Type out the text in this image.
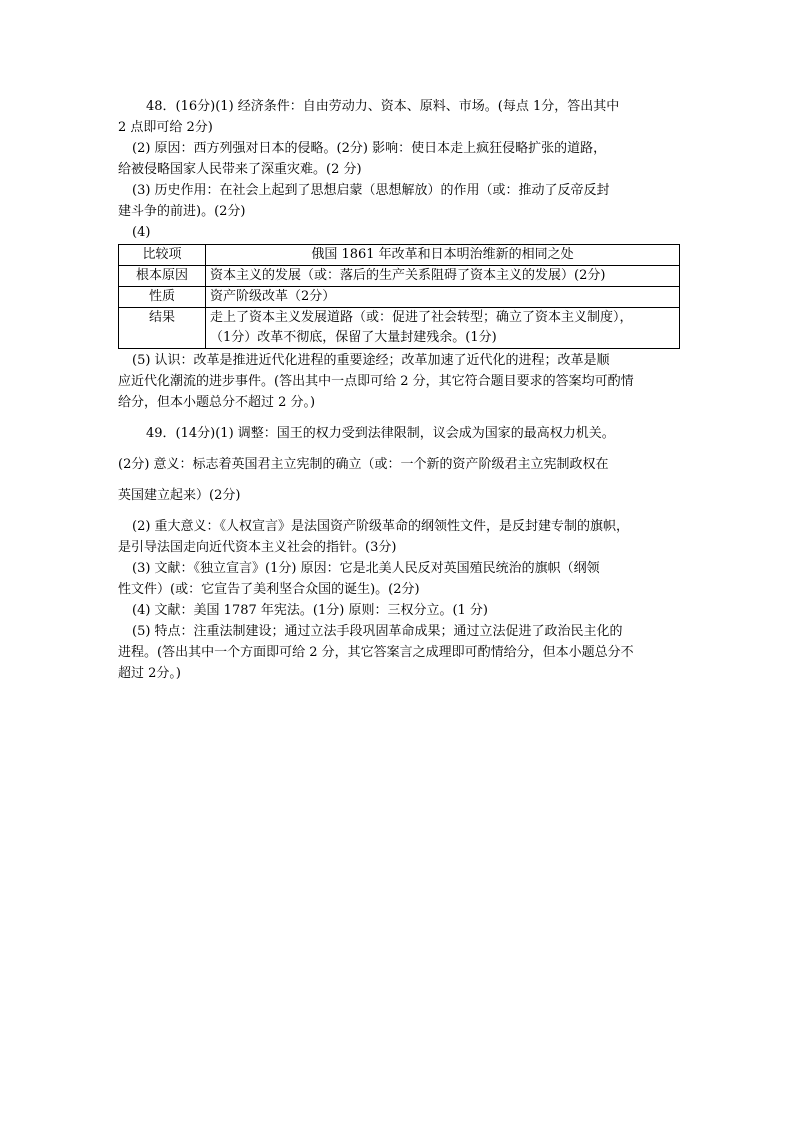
48．(16分)(1) 经济条件：自由劳动力、资本、原料、市场。(每点 1分，答出其中

2 点即可给 2分)

(2) 原因：西方列强对日本的侵略。(2分) 影响：使日本走上疯狂侵略扩张的道路，

给被侵略国家人民带来了深重灾难。(2 分)

(3) 历史作用：在社会上起到了思想启蒙（思想解放）的作用（或：推动了反帝反封

建斗争的前进)。(2分)

(4)

比较项	俄国 1861 年改革和日本明治维新的相同之处
根本原因	资本主义的发展（或：落后的生产关系阻碍了资本主义的发展）(2分)
性质	资产阶级改革（2分）
结果	走上了资本主义发展道路（或：促进了社会转型；确立了资本主义制度），
（1分）改革不彻底，保留了大量封建残余。(1分)

(5) 认识：改革是推进近代化进程的重要途经；改革加速了近代化的进程；改革是顺

应近代化潮流的进步事件。(答出其中一点即可给 2 分，其它符合题目要求的答案均可酌情

给分，但本小题总分不超过 2 分。)

49．(14分)(1) 调整：国王的权力受到法律限制，议会成为国家的最高权力机关。

(2分) 意义：标志着英国君主立宪制的确立（或：一个新的资产阶级君主立宪制政权在

英国建立起来）(2分)

(2) 重大意义：《人权宣言》是法国资产阶级革命的纲领性文件，是反封建专制的旗帜，

是引导法国走向近代资本主义社会的指针。(3分)

(3) 文献：《独立宣言》(1分) 原因：它是北美人民反对英国殖民统治的旗帜（纲领

性文件）(或：它宣告了美利坚合众国的诞生)。(2分)

(4) 文献：美国 1787 年宪法。(1分) 原则：三权分立。(1 分)

(5) 特点：注重法制建设；通过立法手段巩固革命成果；通过立法促进了政治民主化的

进程。(答出其中一个方面即可给 2 分，其它答案言之成理即可酌情给分，但本小题总分不

超过 2分。)
